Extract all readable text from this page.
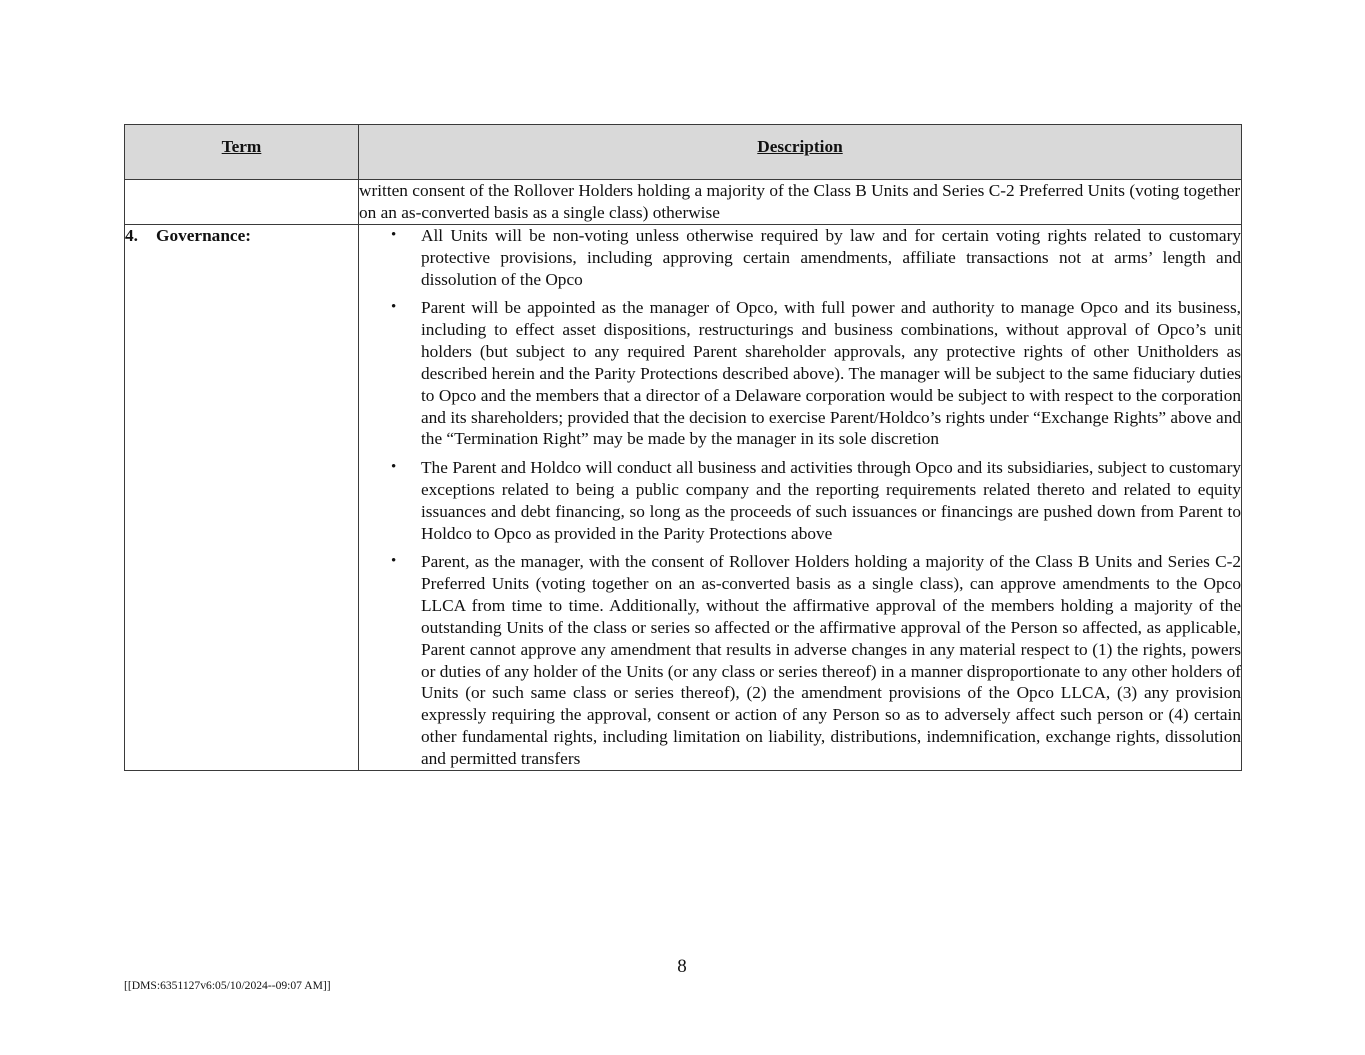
Term	Description
	written consent of the Rollover Holders holding a majority of the Class B Units and Series C-2 Preferred Units (voting together on an as-converted basis as a single class) otherwise
4. Governance:	• All Units will be non-voting unless otherwise required by law and for certain voting rights related to customary protective provisions, including approving certain amendments, affiliate transactions not at arms’ length and dissolution of the Opco
• Parent will be appointed as the manager of Opco, with full power and authority to manage Opco and its business, including to effect asset dispositions, restructurings and business combinations, without approval of Opco’s unit holders (but subject to any required Parent shareholder approvals, any protective rights of other Unitholders as described herein and the Parity Protections described above). The manager will be subject to the same fiduciary duties to Opco and the members that a director of a Delaware corporation would be subject to with respect to the corporation and its shareholders; provided that the decision to exercise Parent/Holdco’s rights under “Exchange Rights” above and the “Termination Right” may be made by the manager in its sole discretion
• The Parent and Holdco will conduct all business and activities through Opco and its subsidiaries, subject to customary exceptions related to being a public company and the reporting requirements related thereto and related to equity issuances and debt financing, so long as the proceeds of such issuances or financings are pushed down from Parent to Holdco to Opco as provided in the Parity Protections above
• Parent, as the manager, with the consent of Rollover Holders holding a majority of the Class B Units and Series C-2 Preferred Units (voting together on an as-converted basis as a single class), can approve amendments to the Opco LLCA from time to time. Additionally, without the affirmative approval of the members holding a majority of the outstanding Units of the class or series so affected or the affirmative approval of the Person so affected, as applicable, Parent cannot approve any amendment that results in adverse changes in any material respect to (1) the rights, powers or duties of any holder of the Units (or any class or series thereof) in a manner disproportionate to any other holders of Units (or such same class or series thereof), (2) the amendment provisions of the Opco LLCA, (3) any provision expressly requiring the approval, consent or action of any Person so as to adversely affect such person or (4) certain other fundamental rights, including limitation on liability, distributions, indemnification, exchange rights, dissolution and permitted transfers
8
[[DMS:6351127v6:05/10/2024--09:07 AM]]
